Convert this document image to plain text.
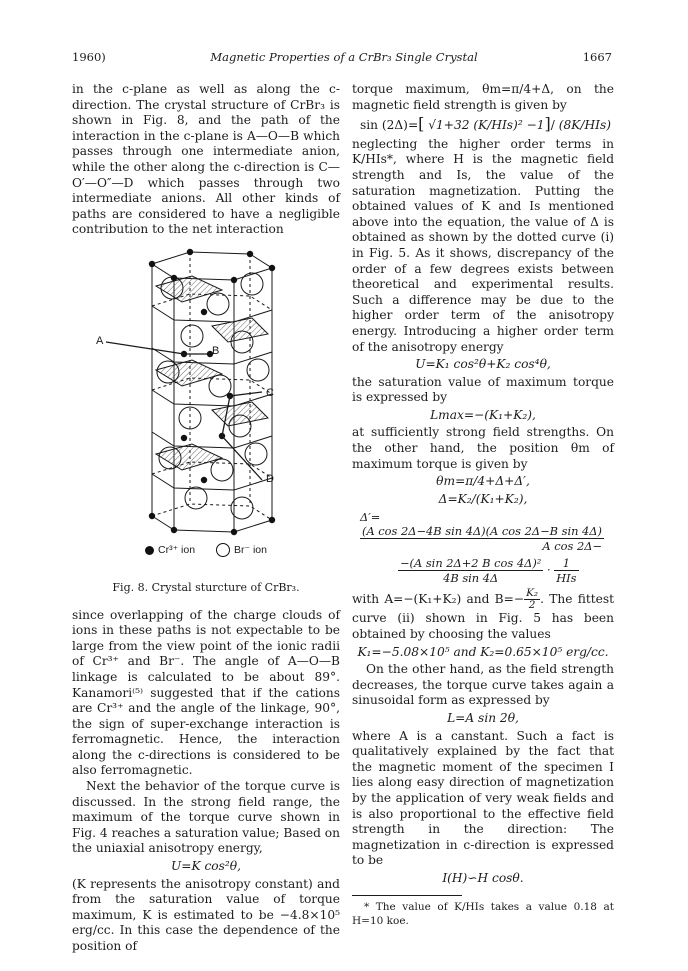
1960)	Magnetic Properties of a CrBr₃ Single Crystal	1667

in the c-plane as well as along the c-direction. The crystal structure of CrBr₃ is shown in Fig. 8, and the path of the interaction in the c-plane is A—O—B which passes through one intermediate anion, while the other along the c-direction is C—O′—O″—D which passes through two intermediate anions. All other kinds of paths are considered to have a negligible contribution to the net interaction

A
B
C
D
Cr³⁺ ion	Br⁻ ion
Fig. 8. Crystal sturcture of CrBr₃.

since overlapping of the charge clouds of ions in these paths is not expectable to be large from the view point of the ionic radii of Cr³⁺ and Br⁻. The angle of A—O—B linkage is calculated to be about 89°. Kanamori⁽⁵⁾ suggested that if the cations are Cr³⁺ and the angle of the linkage, 90°, the sign of super-exchange interaction is ferromagnetic. Hence, the interaction along the c-directions is considered to be also ferromagnetic.

Next the behavior of the torque curve is discussed. In the strong field range, the maximum of the torque curve shown in Fig. 4 reaches a saturation value; Based on the uniaxial anisotropy energy,

U=K cos²θ,

(K represents the anisotropy constant) and from the saturation value of torque maximum, K is estimated to be −4.8×10⁵ erg/cc. In this case the dependence of the position of

torque maximum, θm=π/4+Δ, on the magnetic field strength is given by

sin (2Δ)=[ √1+32 (K/HIs)² −1]/ (8K/HIs)

neglecting the higher order terms in K/HIs*, where H is the magnetic field strength and Is, the value of the saturation magnetization. Putting the obtained values of K and Is mentioned above into the equation, the value of Δ is obtained as shown by the dotted curve (i) in Fig. 5. As it shows, discrepancy of the order of a few degrees exists between theoretical and experimental results. Such a difference may be due to the higher order term of the anisotropy energy. Introducing a higher order term of the anisotropy energy

U=K₁ cos²θ+K₂ cos⁴θ,

the saturation value of maximum torque is expressed by

Lmax=−(K₁+K₂),

at sufficiently strong field strengths. On the other hand, the position θm of maximum torque is given by

θm=π/4+Δ+Δ′,
Δ=K₂/(K₁+K₂),
Δ′=
$\frac{\text{(A cos 2Δ−4B sin 4Δ)(A cos 2Δ−B sin 4Δ)}}{\text{A cos 2Δ−}}$
$\frac{\text{−(A sin 2Δ+2 B cos 4Δ)²}}{\text{4B sin 4Δ}} \cdot \frac{1}{\text{HIs}}$

with A=−(K₁+K₂) and $B=- \frac{\text{K₂}}{2}$ . The fittest curve (ii) shown in Fig. 5 has been obtained by choosing the values

K₁=−5.08×10⁵ and K₂=0.65×10⁵ erg/cc.

On the other hand, as the field strength decreases, the torque curve takes again a sinusoidal form as expressed by

L=A sin 2θ,

where A is a canstant. Such a fact is qualitatively explained by the fact that the magnetic moment of the specimen I lies along easy direction of magnetization by the application of very weak fields and is also proportional to the effective field strength in the direction: The magnetization in c-direction is expressed to be

I(H)∽H cosθ.

* The value of K/HIs takes a value 0.18 at H=10 koe.
